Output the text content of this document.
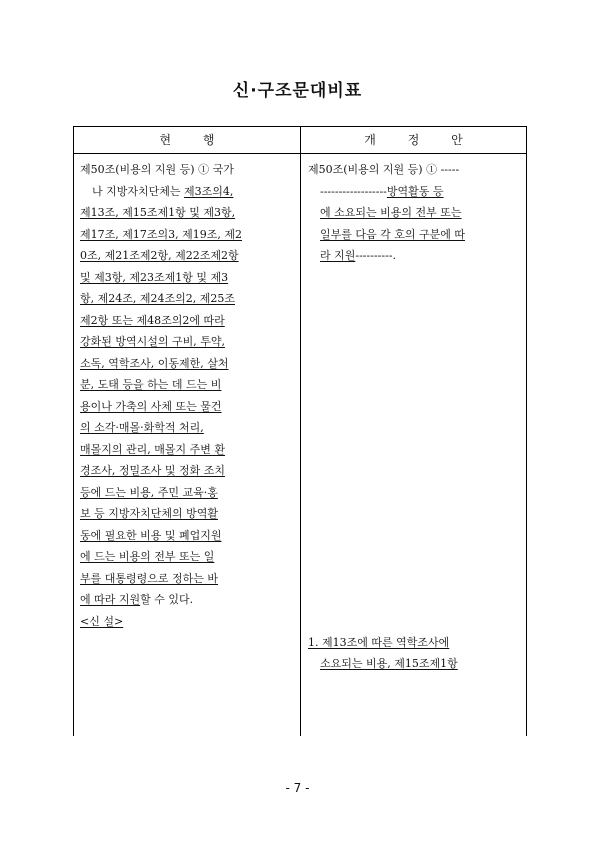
신·구조문대비표
현 행	개 정 안
제50조(비용의 지원 등) ① 국가
나 지방자치단체는 제3조의4,
제13조, 제15조제1항 및 제3항,
제17조, 제17조의3, 제19조, 제2
0조, 제21조제2항, 제22조제2항
및 제3항, 제23조제1항 및 제3
항, 제24조, 제24조의2, 제25조
제2항 또는 제48조의2에 따라
강화된 방역시설의 구비, 투약,
소독, 역학조사, 이동제한, 살처
분, 도태 등을 하는 데 드는 비
용이나 가축의 사체 또는 물건
의 소각·매몰·화학적 처리,
매몰지의 관리, 매몰지 주변 환
경조사, 정밀조사 및 정화 조치
등에 드는 비용, 주민 교육·홍
보 등 지방자치단체의 방역활
동에 필요한 비용 및 폐업지원
에 드는 비용의 전부 또는 일
부를 대통령령으로 정하는 바
에 따라 지원할 수 있다.
<신 설>
제50조(비용의 지원 등) ① -----
------------------방역활동 등
에 소요되는 비용의 전부 또는
일부를 다음 각 호의 구분에 따
라 지원----------.
1. 제13조에 따른 역학조사에
소요되는 비용, 제15조제1항
- 7 -
